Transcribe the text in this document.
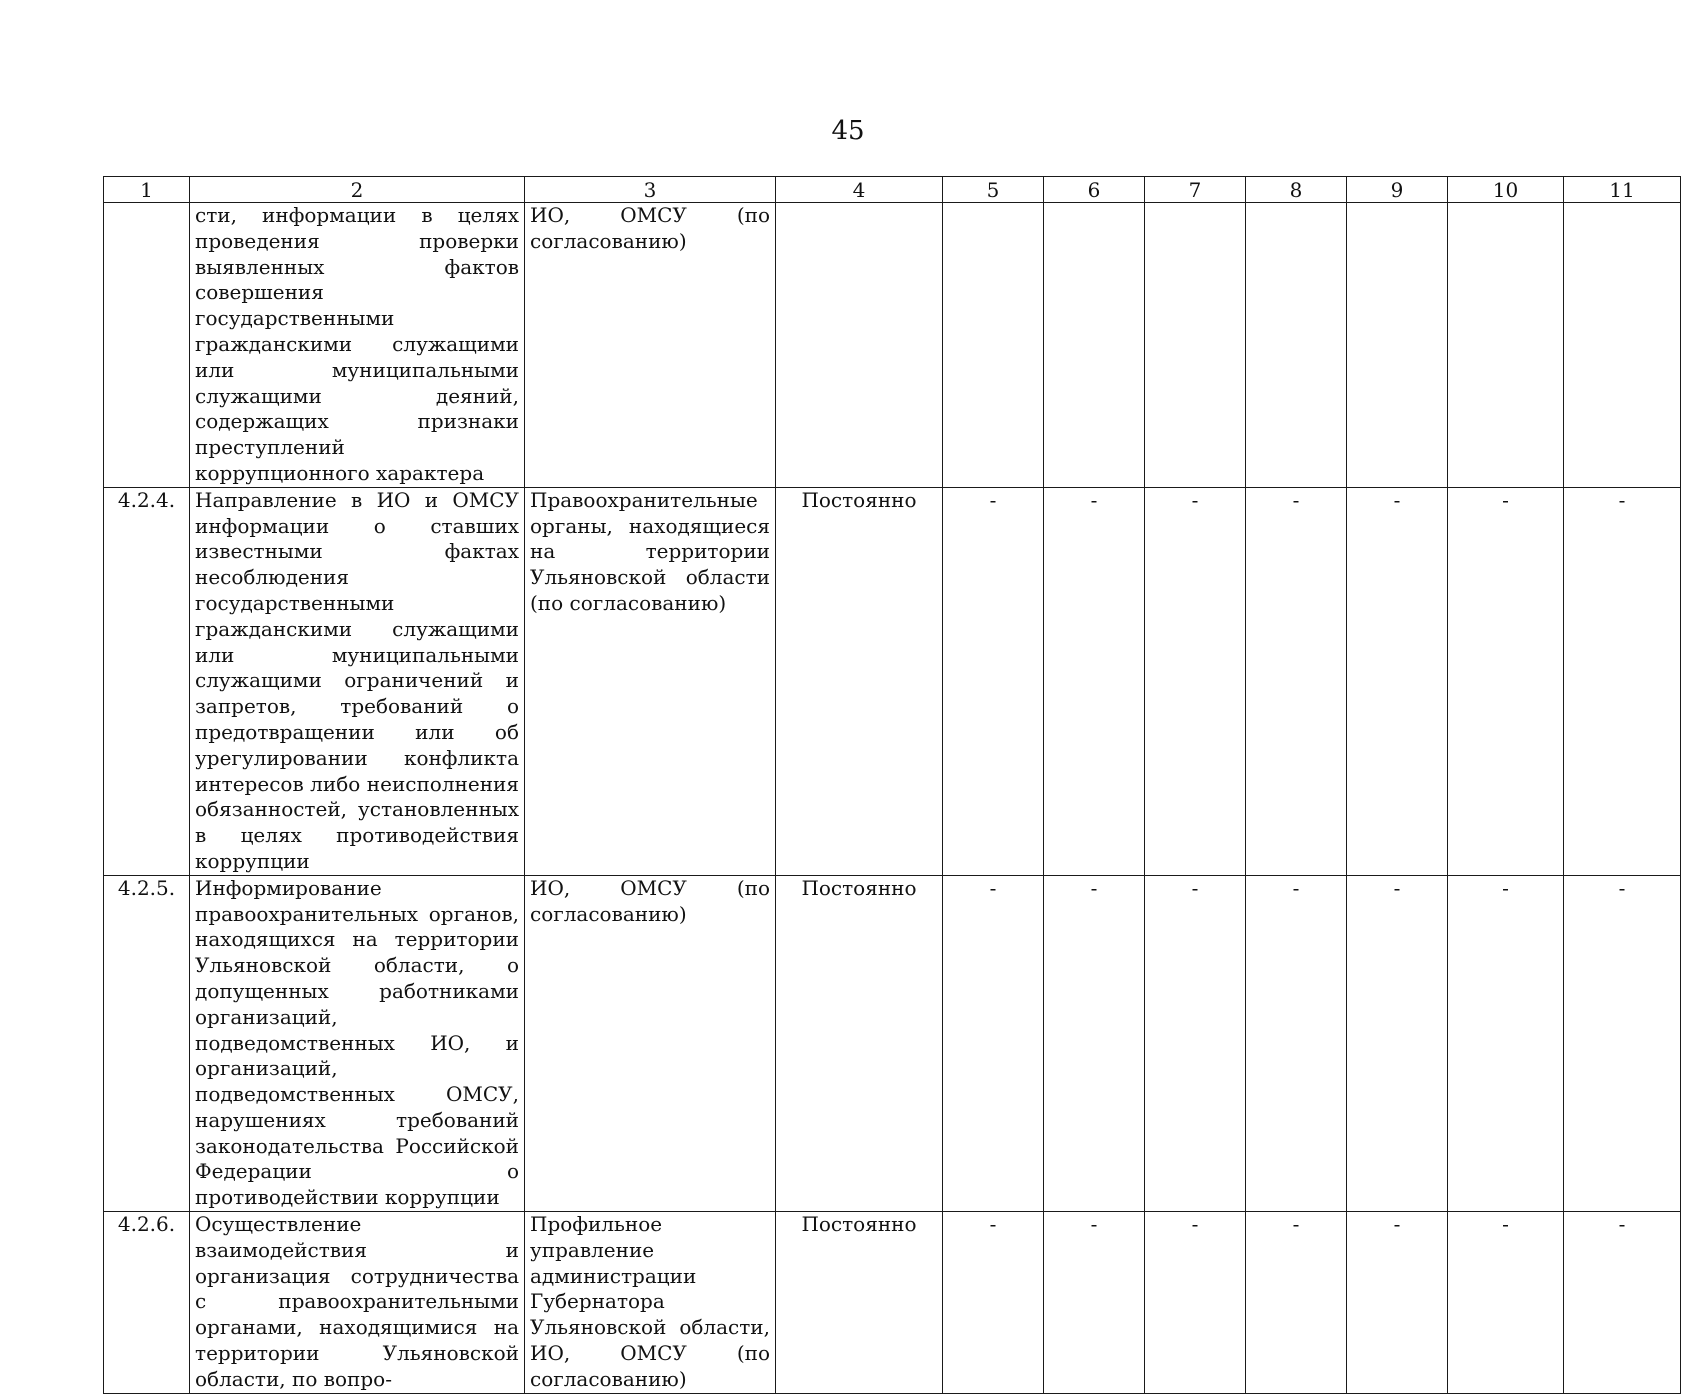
45
1	2	3	4	5	6	7	8	9	10	11
	сти, информации в целях проведения проверки выявленных фактов совершения государственными гражданскими служащими или муниципальными служащими деяний, содержащих признаки преступлений коррупционного характера	ИО, ОМСУ (по согласованию)								
4.2.4.	Направление в ИО и ОМСУ информации о ставших известными фактах несоблюдения государственными гражданскими служащими или муниципальными служащими ограничений и запретов, требований о предотвращении или об урегулировании конфликта интересов либо неисполнения обязанностей, установленных в целях противодействия коррупции	Правоохранительные органы, находящиеся на территории Ульяновской области (по согласованию)	Постоянно	-	-	-	-	-	-	-
4.2.5.	Информирование правоохранительных органов, находящихся на территории Ульяновской области, о допущенных работниками организаций, подведомственных ИО, и организаций, подведомственных ОМСУ, нарушениях требований законодательства Российской Федерации о противодействии коррупции	ИО, ОМСУ (по согласованию)	Постоянно	-	-	-	-	-	-	-
4.2.6.	Осуществление взаимодействия и организация сотрудничества с правоохранительными органами, находящимися на территории Ульяновской области, по вопро-	Профильное управление администрации Губернатора Ульяновской области, ИО, ОМСУ (по согласованию)	Постоянно	-	-	-	-	-	-	-
